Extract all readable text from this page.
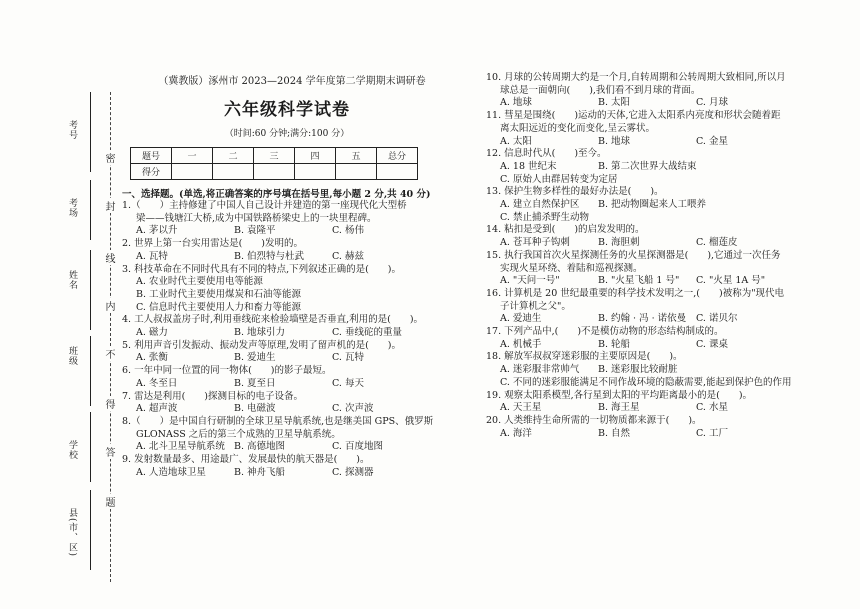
考号
考场
姓名
班级
学校
县(市、区)
密
封
线
内
不
得
答
题
（冀教版）涿州市 2023—2024 学年度第二学期期末调研卷
六年级科学试卷
（时间:60 分钟;满分:100 分）
题号	一	二	三	四	五	总分
得分						
一、选择题。(单选,将正确答案的序号填在括号里,每小题 2 分,共 40 分)
1.（　　）主持修建了中国人自己设计并建造的第一座现代化大型桥
梁——钱塘江大桥,成为中国铁路桥梁史上的一块里程碑。
A. 茅以升	B. 袁隆平	C. 杨伟
2. 世界上第一台实用雷达是(　　)发明的。
A. 瓦特	B. 伯烈特与杜武	C. 赫兹
3. 科技革命在不同时代具有不同的特点,下列叙述正确的是(　　)。
A. 农业时代主要使用电等能源
B. 工业时代主要使用煤炭和石油等能源
C. 信息时代主要使用人力和畜力等能源
4. 工人叔叔盖房子时,利用垂线砣来检验墙壁是否垂直,利用的是(　　)。
A. 磁力	B. 地球引力	C. 垂线砣的重量
5. 利用声音引发振动、振动发声等原理,发明了留声机的是(　　)。
A. 张衡	B. 爱迪生	C. 瓦特
6. 一年中同一位置的同一物体(　　)的影子最短。
A. 冬至日	B. 夏至日	C. 每天
7. 雷达是利用(　　)探测目标的电子设备。
A. 超声波	B. 电磁波	C. 次声波
8.（　　）是中国自行研制的全球卫星导航系统,也是继美国 GPS、俄罗斯
GLONASS 之后的第三个成熟的卫星导航系统。
A. 北斗卫星导航系统 B. 高德地图	C. 百度地图
9. 发射数量最多、用途最广、发展最快的航天器是(　　)。
A. 人造地球卫星	B. 神舟飞船	C. 探测器
10. 月球的公转周期大约是一个月,自转周期和公转周期大致相同,所以月
球总是一面朝向(　　),我们看不到月球的背面。
A. 地球	B. 太阳	C. 月球
11. 彗星是围绕(　　)运动的天体,它进入太阳系内亮度和形状会随着距
离太阳远近的变化而变化,呈云雾状。
A. 太阳	B. 地球	C. 金星
12. 信息时代从(　　)至今。
A. 18 世纪末	B. 第二次世界大战结束
C. 原始人由群居转变为定居
13. 保护生物多样性的最好办法是(　　)。
A. 建立自然保护区	B. 把动物圈起来人工喂养
C. 禁止捕杀野生动物
14. 粘扣是受到(　　)的启发发明的。
A. 苍耳种子钩刺	B. 海胆刺	C. 榴莲皮
15. 执行我国首次火星探测任务的火星探测器是(　　),它通过一次任务
实现火星环绕、着陆和巡视探测。
A. "天问一号"	B. "火星飞船 1 号"	C. "火星 1A 号"
16. 计算机是 20 世纪最重要的科学技术发明之一,(　　)被称为"现代电
子计算机之父"。
A. 爱迪生	B. 约翰 · 冯 · 诺依曼	C. 诺贝尔
17. 下列产品中,(　　)不是模仿动物的形态结构制成的。
A. 机械手	B. 轮船	C. 课桌
18. 解放军叔叔穿迷彩服的主要原因是(　　)。
A. 迷彩服非常帅气	B. 迷彩服比较耐脏
C. 不同的迷彩服能满足不同作战环境的隐蔽需要,能起到保护色的作用
19. 观察太阳系模型,各行星到太阳的平均距离最小的是(　　)。
A. 天王星	B. 海王星	C. 水星
20. 人类维持生命所需的一切物质都来源于(　　)。
A. 海洋	B. 自然	C. 工厂
